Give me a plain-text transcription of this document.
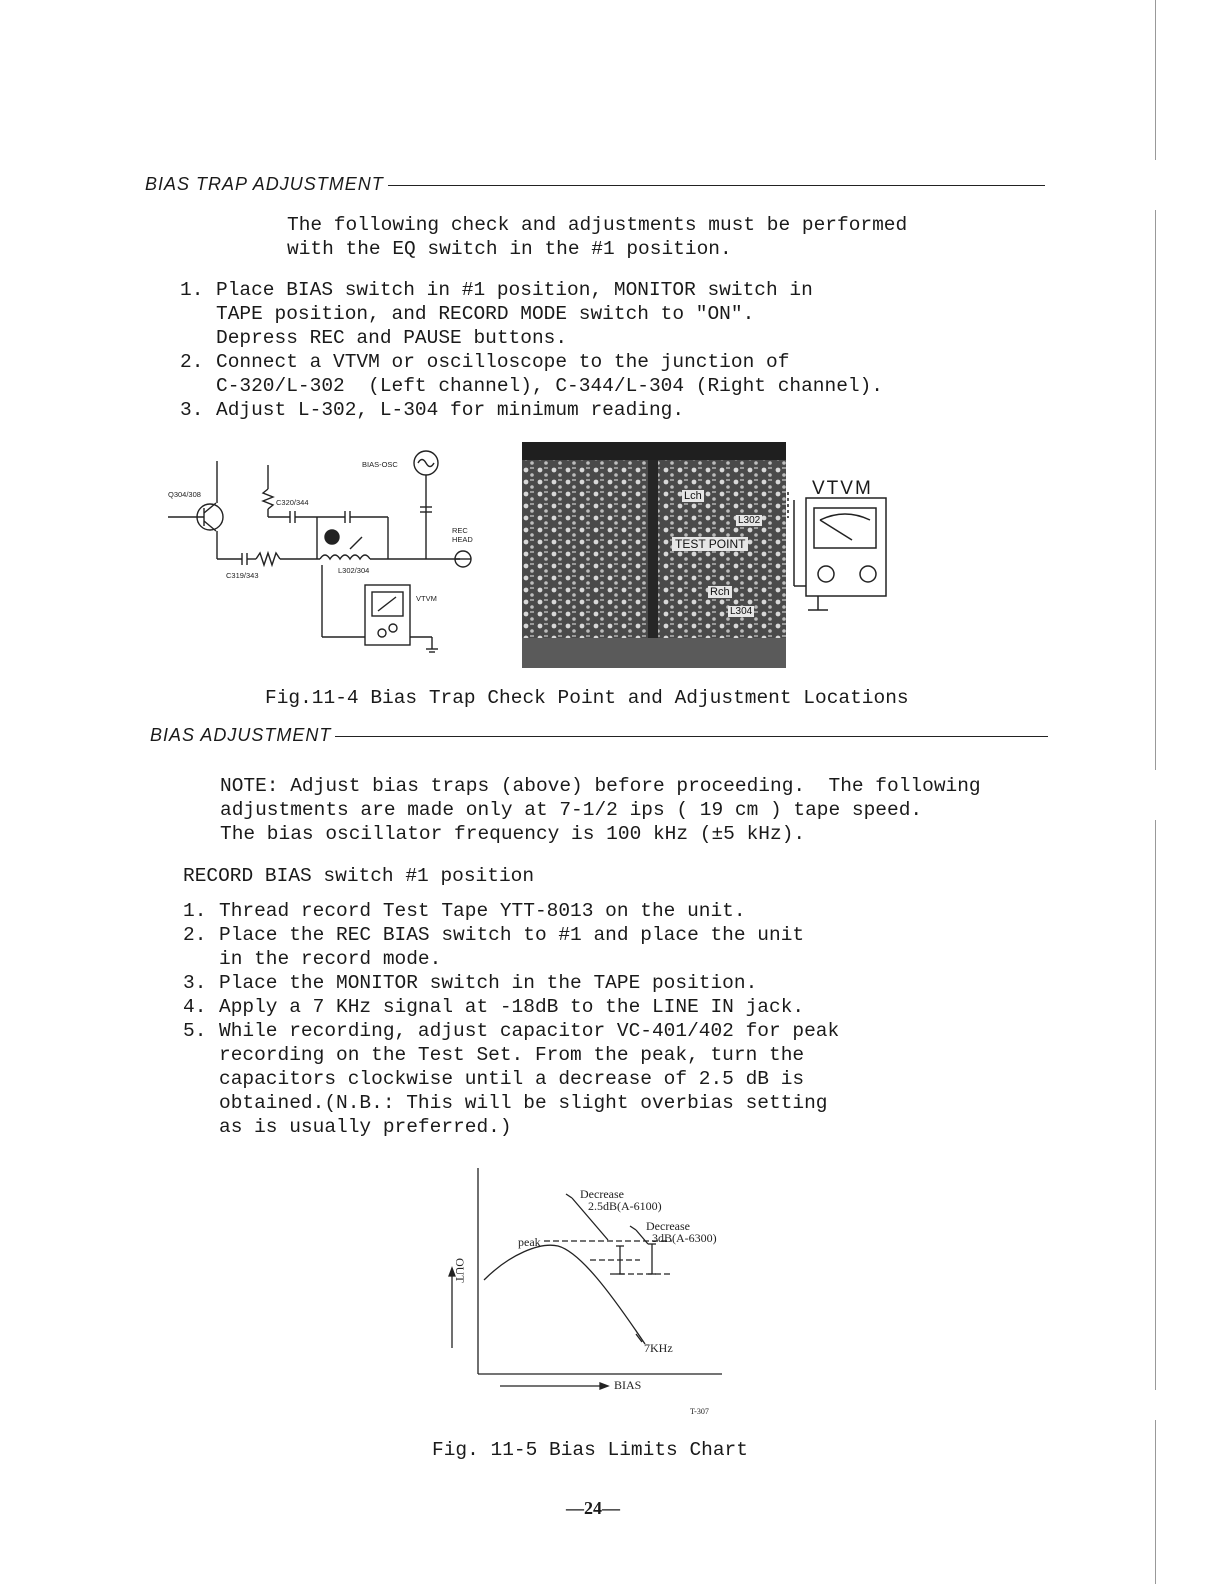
BIAS TRAP ADJUSTMENT
The following check and adjustments must be performed
with the EQ switch in the #1 position.
1. Place BIAS switch in #1 position, MONITOR switch in
TAPE position, and RECORD MODE switch to "ON".
Depress REC and PAUSE buttons.
2. Connect a VTVM or oscilloscope to the junction of
C-320/L-302  (Left channel), C-344/L-304 (Right channel).
3. Adjust L-302, L-304 for minimum reading.
Q304/308
C320/344
C319/343
BIAS-OSC
L302/304
REC
HEAD
VTVM
Lch
L302
TEST POINT
Rch
L304
VTVM
Fig.11-4 Bias Trap Check Point and Adjustment Locations
BIAS ADJUSTMENT
NOTE: Adjust bias traps (above) before proceeding.  The following
adjustments are made only at 7-1/2 ips ( 19 cm ) tape speed.
The bias oscillator frequency is 100 kHz (±5 kHz).
RECORD BIAS switch #1 position
1. Thread record Test Tape YTT-8013 on the unit.
2. Place the REC BIAS switch to #1 and place the unit
in the record mode.
3. Place the MONITOR switch in the TAPE position.
4. Apply a 7 KHz signal at -18dB to the LINE IN jack.
5. While recording, adjust capacitor VC-401/402 for peak
recording on the Test Set. From the peak, turn the
capacitors clockwise until a decrease of 2.5 dB is
obtained.(N.B.: This will be slight overbias setting
as is usually preferred.)
peak
Decrease
2.5dB(A-6100)
Decrease
3dB(A-6300)
7KHz
BIAS
OUT
T-307
Fig. 11-5 Bias Limits Chart
—24—
